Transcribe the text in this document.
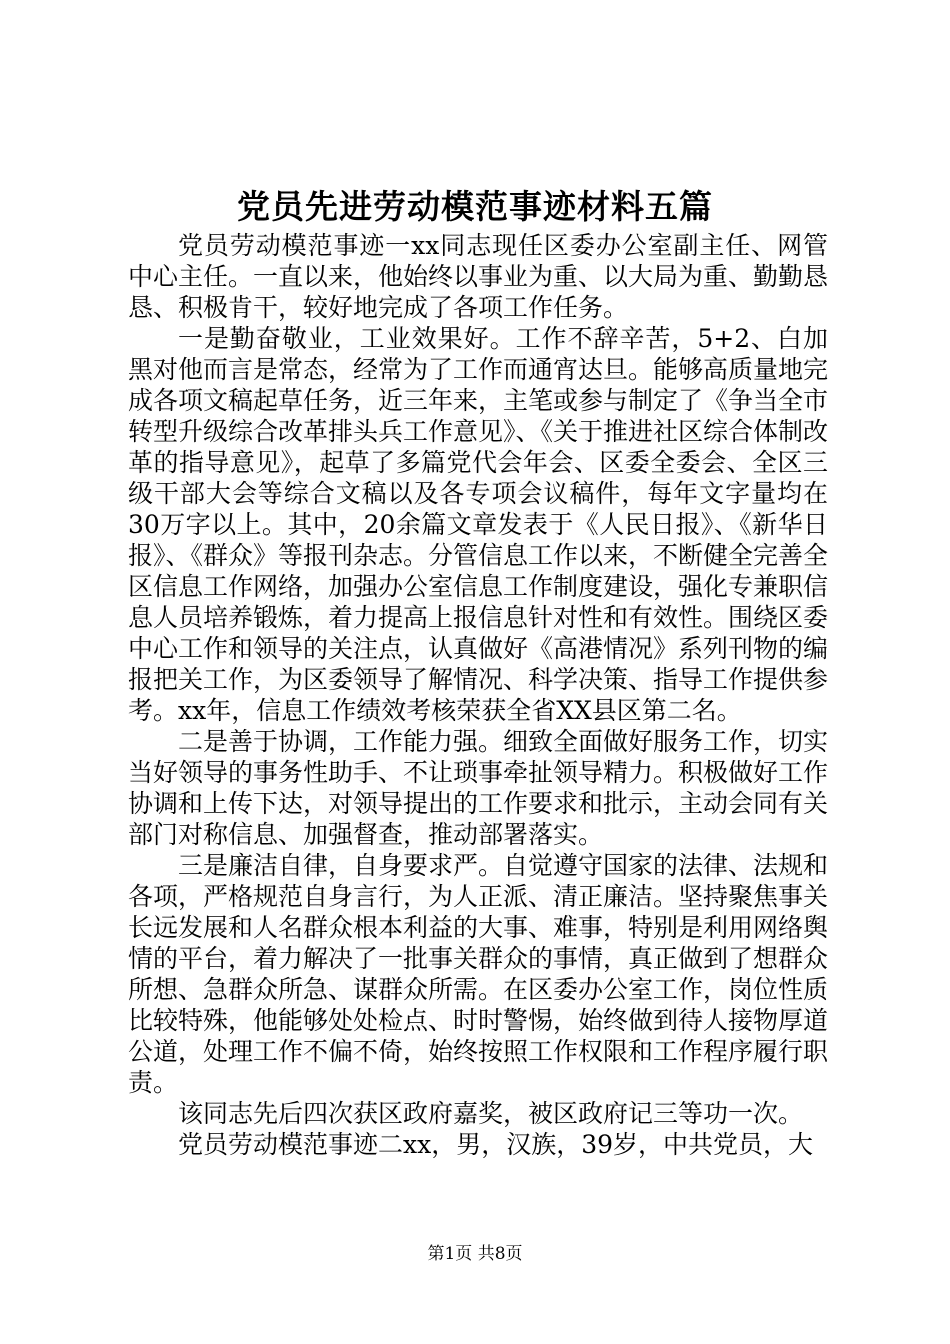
党员先进劳动模范事迹材料五篇

党员劳动模范事迹一xx同志现任区委办公室副主任、网管中心主任。一直以来，他始终以事业为重、以大局为重、勤勤恳恳、积极肯干，较好地完成了各项工作任务。

一是勤奋敬业，工业效果好。工作不辞辛苦，5+2、白加黑对他而言是常态，经常为了工作而通宵达旦。能够高质量地完成各项文稿起草任务，近三年来，主笔或参与制定了《争当全市转型升级综合改革排头兵工作意见》、《关于推进社区综合体制改革的指导意见》，起草了多篇党代会年会、区委全委会、全区三级干部大会等综合文稿以及各专项会议稿件，每年文字量均在30万字以上。其中，20余篇文章发表于《人民日报》、《新华日报》、《群众》等报刊杂志。分管信息工作以来，不断健全完善全区信息工作网络，加强办公室信息工作制度建设，强化专兼职信息人员培养锻炼，着力提高上报信息针对性和有效性。围绕区委中心工作和领导的关注点，认真做好《高港情况》系列刊物的编报把关工作，为区委领导了解情况、科学决策、指导工作提供参考。xx年，信息工作绩效考核荣获全省XX县区第二名。

二是善于协调，工作能力强。细致全面做好服务工作，切实当好领导的事务性助手、不让琐事牵扯领导精力。积极做好工作协调和上传下达，对领导提出的工作要求和批示，主动会同有关部门对称信息、加强督查，推动部署落实。

三是廉洁自律，自身要求严。自觉遵守国家的法律、法规和各项，严格规范自身言行，为人正派、清正廉洁。坚持聚焦事关长远发展和人名群众根本利益的大事、难事，特别是利用网络舆情的平台，着力解决了一批事关群众的事情，真正做到了想群众所想、急群众所急、谋群众所需。在区委办公室工作，岗位性质比较特殊，他能够处处检点、时时警惕，始终做到待人接物厚道公道，处理工作不偏不倚，始终按照工作权限和工作程序履行职责。

该同志先后四次获区政府嘉奖，被区政府记三等功一次。

党员劳动模范事迹二xx，男，汉族，39岁，中共党员，大

第1页 共8页
